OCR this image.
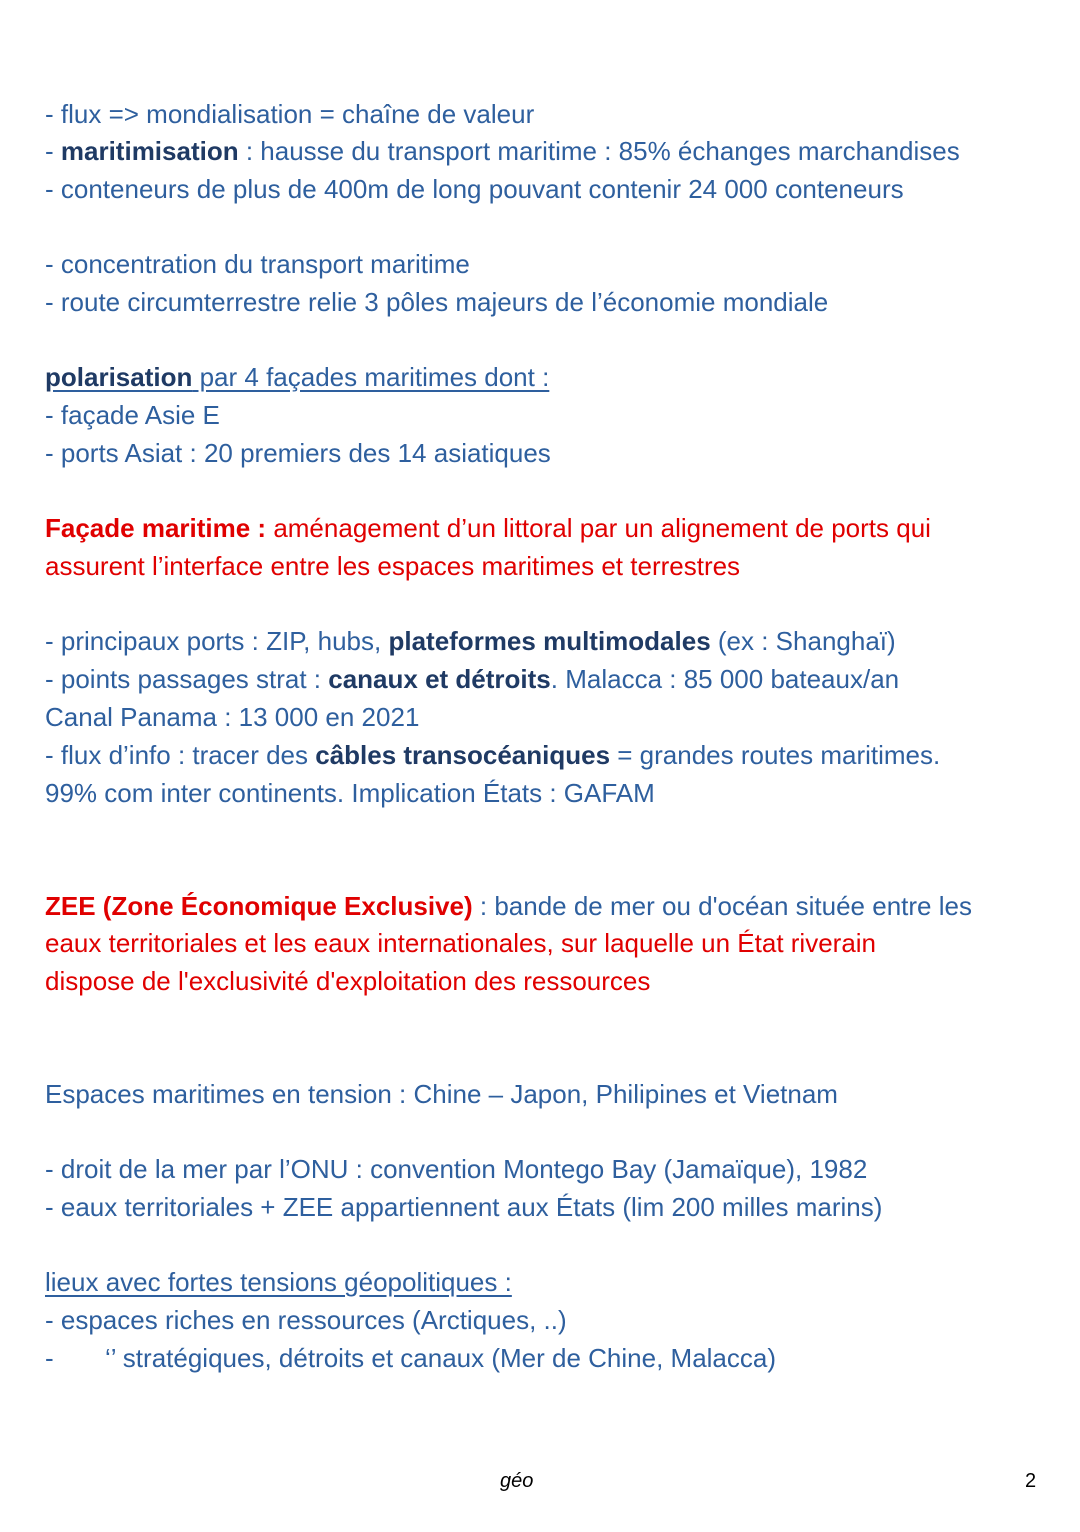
- flux => mondialisation = chaîne de valeur
- maritimisation : hausse du transport maritime : 85% échanges marchandises
- conteneurs de plus de 400m de long pouvant contenir 24 000 conteneurs
- concentration du transport maritime
- route circumterrestre relie 3 pôles majeurs de l’économie mondiale
polarisation par 4 façades maritimes dont :
- façade Asie E
- ports Asiat : 20 premiers des 14 asiatiques
Façade maritime : aménagement d’un littoral par un alignement de ports qui
assurent l’interface entre les espaces maritimes et terrestres
- principaux ports : ZIP, hubs, plateformes multimodales (ex : Shanghaï)
- points passages strat : canaux et détroits. Malacca : 85 000 bateaux/an
Canal Panama : 13 000 en 2021
- flux d’info : tracer des câbles transocéaniques = grandes routes maritimes.
99% com inter continents. Implication États : GAFAM
ZEE (Zone Économique Exclusive) : bande de mer ou d'océan située entre les
eaux territoriales et les eaux internationales, sur laquelle un État riverain
dispose de l'exclusivité d'exploitation des ressources
Espaces maritimes en tension : Chine – Japon, Philipines et Vietnam
- droit de la mer par l’ONU : convention Montego Bay (Jamaïque), 1982
- eaux territoriales + ZEE appartiennent aux États (lim 200 milles marins)
lieux avec fortes tensions géopolitiques :
- espaces riches en ressources (Arctiques, ..)
- ‘’ stratégiques, détroits et canaux (Mer de Chine, Malacca)
géo	2
